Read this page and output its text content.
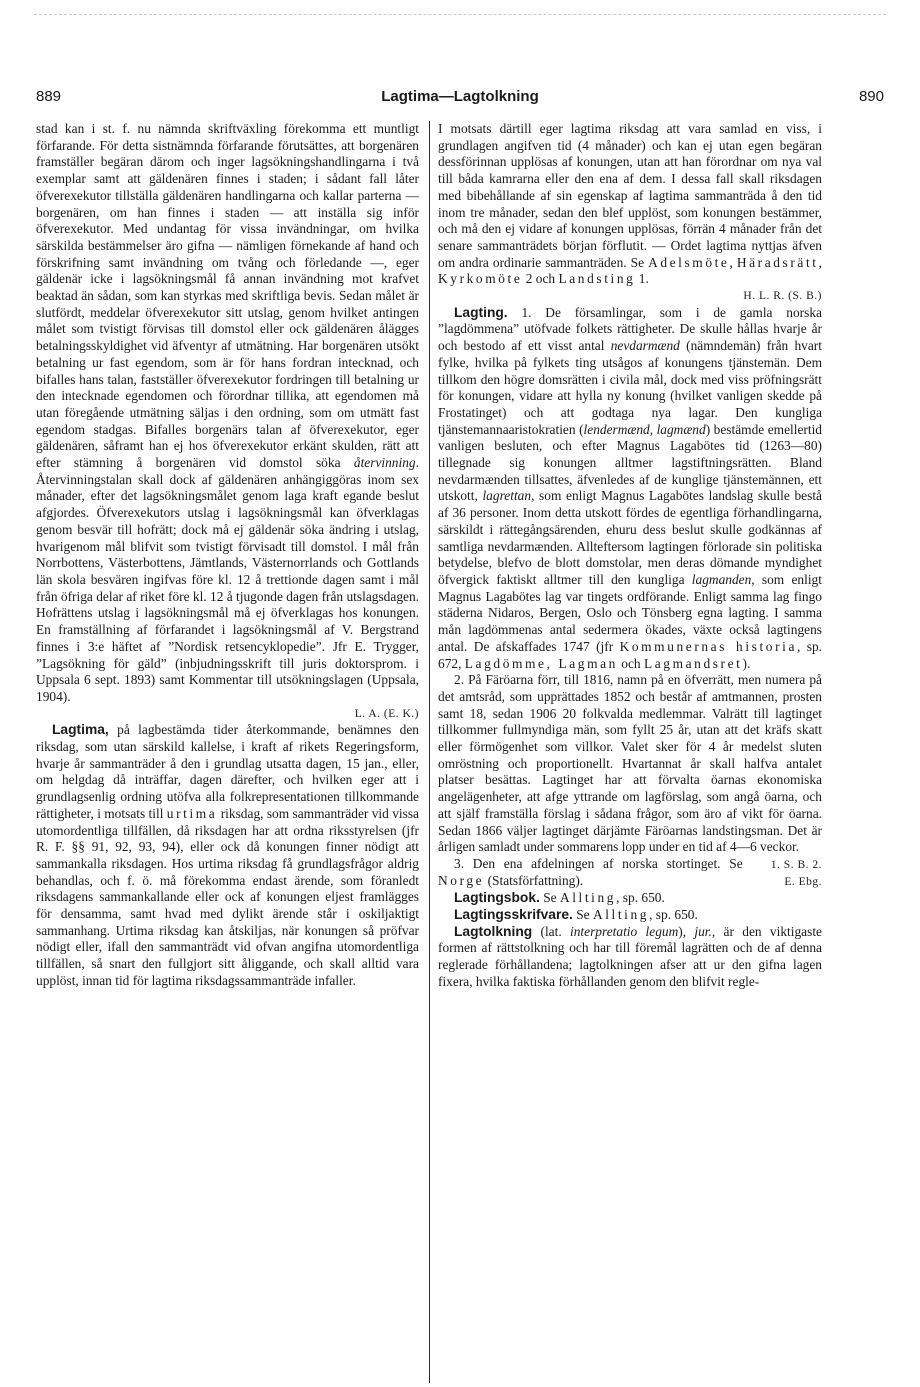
889	Lagtima—Lagtolkning	890

stad kan i st. f. nu nämnda skriftväxling förekomma ett muntligt förfarande. För detta sistnämnda förfarande förutsättes, att borgenären framställer begäran därom och inger lagsökningshandlingarna i två exemplar samt att gäldenären finnes i staden; i sådant fall låter öfverexekutor tillställa gäldenären handlingarna och kallar parterna — borgenären, om han finnes i staden — att inställa sig inför öfverexekutor. Med undantag för vissa invändningar, om hvilka särskilda bestämmelser äro gifna — nämligen förnekande af hand och förskrifning samt invändning om tvång och förledande —, eger gäldenär icke i lagsökningsmål få annan invändning mot krafvet beaktad än sådan, som kan styrkas med skriftliga bevis. Sedan målet är slutfördt, meddelar öfverexekutor sitt utslag, genom hvilket antingen målet som tvistigt förvisas till domstol eller ock gäldenären ålägges betalningsskyldighet vid äfventyr af utmätning. Har borgenären utsökt betalning ur fast egendom, som är för hans fordran intecknad, och bifalles hans talan, fastställer öfverexekutor fordringen till betalning ur den intecknade egendomen och förordnar tillika, att egendomen må utan föregående utmätning säljas i den ordning, som om utmätt fast egendom stadgas. Bifalles borgenärs talan af öfverexekutor, eger gäldenären, såframt han ej hos öfverexekutor erkänt skulden, rätt att efter stämning å borgenären vid domstol söka återvinning. Återvinningstalan skall dock af gäldenären anhängiggöras inom sex månader, efter det lagsökningsmålet genom laga kraft egande beslut afgjordes. Öfverexekutors utslag i lagsökningsmål kan öfverklagas genom besvär till hofrätt; dock må ej gäldenär söka ändring i utslag, hvarigenom mål blifvit som tvistigt förvisadt till domstol. I mål från Norrbottens, Västerbottens, Jämtlands, Västernorrlands och Gottlands län skola besvären ingifvas före kl. 12 å trettionde dagen samt i mål från öfriga delar af riket före kl. 12 å tjugonde dagen från utslagsdagen. Hofrättens utslag i lagsökningsmål må ej öfverklagas hos konungen. En framställning af förfarandet i lagsökningsmål af V. Bergstrand finnes i 3:e häftet af ”Nordisk retsencyklopedie”. Jfr E. Trygger, ”Lagsökning för gäld” (inbjudningsskrift till juris doktorsprom. i Uppsala 6 sept. 1893) samt Kommentar till utsökningslagen (Uppsala, 1904).
L. A. (E. K.)

Lagtima, på lagbestämda tider återkommande, benämnes den riksdag, som utan särskild kallelse, i kraft af rikets Regeringsform, hvarje år sammanträder å den i grundlag utsatta dagen, 15 jan., eller, om helgdag då inträffar, dagen därefter, och hvilken eger att i grundlagsenlig ordning utöfva alla folkrepresentationen tillkommande rättigheter, i motsats till urtima riksdag, som sammanträder vid vissa utomordentliga tillfällen, då riksdagen har att ordna riksstyrelsen (jfr R. F. §§ 91, 92, 93, 94), eller ock då konungen finner nödigt att sammankalla riksdagen. Hos urtima riksdag få grundlagsfrågor aldrig behandlas, och f. ö. må förekomma endast ärende, som föranledt riksdagens sammankallande eller ock af konungen eljest framlägges för densamma, samt hvad med dylikt ärende står i oskiljaktigt sammanhang. Urtima riksdag kan åtskiljas, när konungen så pröfvar nödigt eller, ifall den sammanträdt vid ofvan angifna utomordentliga tillfällen, så snart den fullgjort sitt åliggande, och skall alltid vara upplöst, innan tid för lagtima riksdagssammanträde infaller.

I motsats därtill eger lagtima riksdag att vara samlad en viss, i grundlagen angifven tid (4 månader) och kan ej utan egen begäran dessförinnan upplösas af konungen, utan att han förordnar om nya val till båda kamrarna eller den ena af dem. I dessa fall skall riksdagen med bibehållande af sin egenskap af lagtima sammanträda å den tid inom tre månader, sedan den blef upplöst, som konungen bestämmer, och må den ej vidare af konungen upplösas, förrän 4 månader från det senare sammanträdets början förflutit. — Ordet lagtima nyttjas äfven om andra ordinarie sammanträden. Se Adelsmöte, Häradsrätt, Kyrkomöte 2 och Landsting 1.
H. L. R. (S. B.)

Lagting. 1. De församlingar, som i de gamla norska ”lagdömmena” utöfvade folkets rättigheter. De skulle hållas hvarje år och bestodo af ett visst antal nevdarmænd (nämndemän) från hvart fylke, hvilka på fylkets ting utsågos af konungens tjänstemän. Dem tillkom den högre domsrätten i civila mål, dock med viss pröfningsrätt för konungen, vidare att hylla ny konung (hvilket vanligen skedde på Frostatinget) och att godtaga nya lagar. Den kungliga tjänstemannaaristokratien (lendermænd, lagmænd) bestämde emellertid vanligen besluten, och efter Magnus Lagabötes tid (1263—80) tillegnade sig konungen alltmer lagstiftningsrätten. Bland nevdarmænden tillsattes, äfvenledes af de kunglige tjänstemännen, ett utskott, lagrettan, som enligt Magnus Lagabötes landslag skulle bestå af 36 personer. Inom detta utskott fördes de egentliga förhandlingarna, särskildt i rättegångsärenden, ehuru dess beslut skulle godkännas af samtliga nevdarmænden. Allteftersom lagtingen förlorade sin politiska betydelse, blefvo de blott domstolar, men deras dömande myndighet öfvergick faktiskt alltmer till den kungliga lagmanden, som enligt Magnus Lagabötes lag var tingets ordförande. Enligt samma lag fingo städerna Nidaros, Bergen, Oslo och Tönsberg egna lagting. I samma mån lagdömmenas antal sedermera ökades, växte också lagtingens antal. De afskaffades 1747 (jfr Kommunernas historia, sp. 672, Lagdömme, Lagman och Lagmandsret).

2. På Färöarna förr, till 1816, namn på en öfverrätt, men numera på det amtsråd, som upprättades 1852 och består af amtmannen, prosten samt 18, sedan 1906 20 folkvalda medlemmar. Valrätt till lagtinget tillkommer fullmyndiga män, som fyllt 25 år, utan att det kräfs skatt eller förmögenhet som villkor. Valet sker för 4 år medelst sluten omröstning och proportionellt. Hvartannat år skall halfva antalet platser besättas. Lagtinget har att förvalta öarnas ekonomiska angelägenheter, att afge yttrande om lagförslag, som angå öarna, och att själf framställa förslag i sådana frågor, som äro af vikt för öarna. Sedan 1866 väljer lagtinget därjämte Färöarnas landstingsman. Det är årligen samladt under sommarens lopp under en tid af 4—6 veckor.

3. Den ena afdelningen af norska stortinget. Se Norge (Statsförfattning).
1. S. B. 2. E. Ebg.

Lagtingsbok. Se Allting, sp. 650.

Lagtingsskrifvare. Se Allting, sp. 650.

Lagtolkning (lat. interpretatio legum), jur., är den viktigaste formen af rättstolkning och har till föremål lagrätten och de af denna reglerade förhållandena; lagtolkningen afser att ur den gifna lagen fixera, hvilka faktiska förhållanden genom den blifvit regle-
